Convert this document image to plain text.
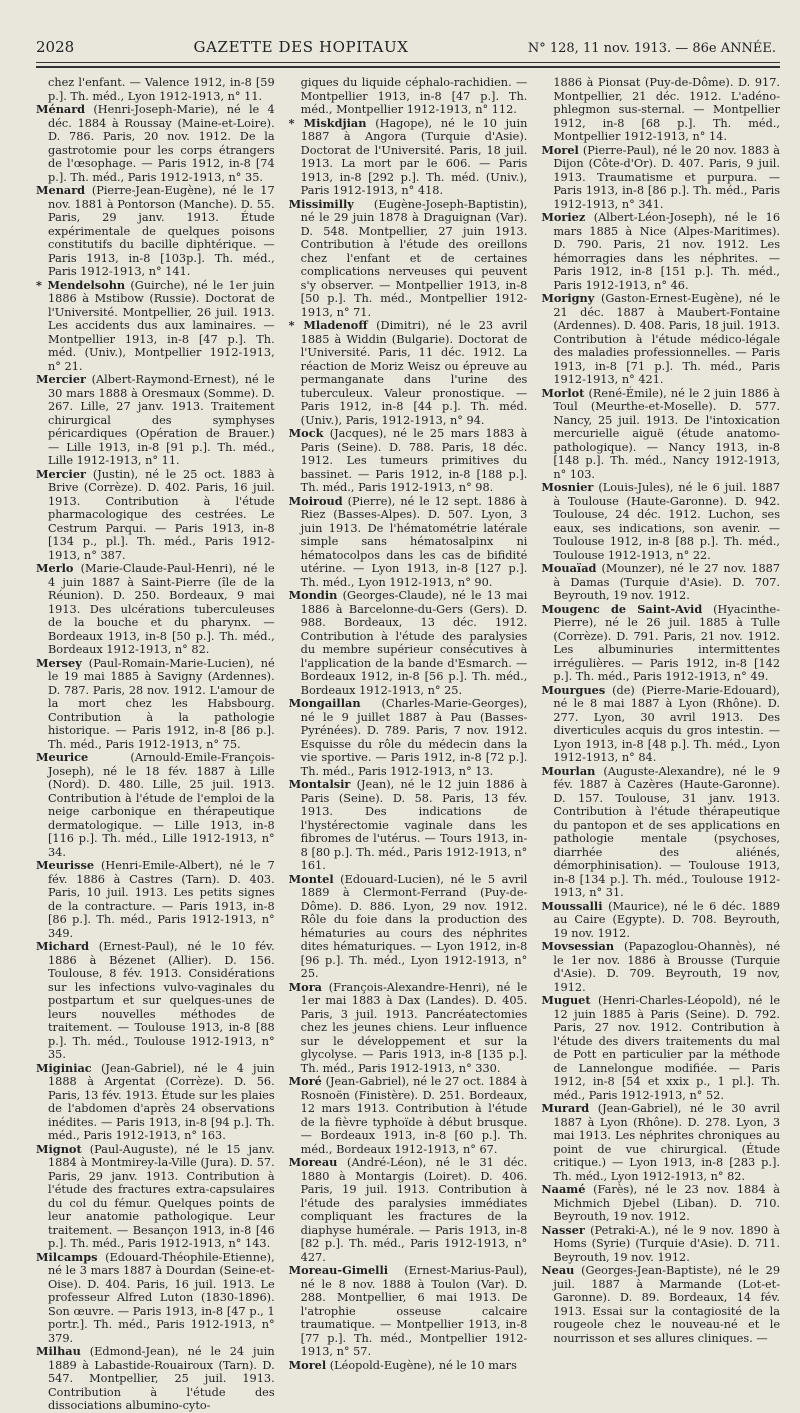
2028	GAZETTE DES HOPITAUX	N° 128, 11 nov. 1913. — 86e ANNÉE.

chez l'enfant. — Valence 1912, in-8 [59 p.]. Th. méd., Lyon 1912-1913, n° 11.

Ménard (Henri-Joseph-Marie), né le 4 déc. 1884 à Roussay (Maine-et-Loire). D. 786. Paris, 20 nov. 1912. De la gastrotomie pour les corps étrangers de l'œsophage. — Paris 1912, in-8 [74 p.]. Th. méd., Paris 1912-1913, n° 35.

Menard (Pierre-Jean-Eugène), né le 17 nov. 1881 à Pontorson (Manche). D. 55. Paris, 29 janv. 1913. Étude expérimentale de quelques poisons constitutifs du bacille diphtérique. — Paris 1913, in-8 [103p.]. Th. méd., Paris 1912-1913, n° 141.

* Mendelsohn (Guirche), né le 1er juin 1886 à Mstibow (Russie). Doctorat de l'Université. Montpellier, 26 juil. 1913. Les accidents dus aux laminaires. — Montpellier 1913, in-8 [47 p.]. Th. méd. (Univ.), Montpellier 1912-1913, n° 21.

Mercier (Albert-Raymond-Ernest), né le 30 mars 1888 à Oresmaux (Somme). D. 267. Lille, 27 janv. 1913. Traitement chirurgical des symphyses péricardiques (Opération de Brauer.) — Lille 1913, in-8 [91 p.]. Th. méd., Lille 1912-1913, n° 11.

Mercier (Justin), né le 25 oct. 1883 à Brive (Corrèze). D. 402. Paris, 16 juil. 1913. Contribution à l'étude pharmacologique des cestrées. Le Cestrum Parqui. — Paris 1913, in-8 [134 p., pl.]. Th. méd., Paris 1912-1913, n° 387.

Merlo (Marie-Claude-Paul-Henri), né le 4 juin 1887 à Saint-Pierre (île de la Réunion). D. 250. Bordeaux, 9 mai 1913. Des ulcérations tuberculeuses de la bouche et du pharynx. — Bordeaux 1913, in-8 [50 p.]. Th. méd., Bordeaux 1912-1913, n° 82.

Mersey (Paul-Romain-Marie-Lucien), né le 19 mai 1885 à Savigny (Ardennes). D. 787. Paris, 28 nov. 1912. L'amour de la mort chez les Habsbourg. Contribution à la pathologie historique. — Paris 1912, in-8 [86 p.]. Th. méd., Paris 1912-1913, n° 75.

Meurice	(Arnould-Emile-François-Joseph), né le 18 fév. 1887 à Lille (Nord). D. 480. Lille, 25 juil. 1913. Contribution à l'étude de l'emploi de la neige carbonique en thérapeutique dermatologique. — Lille 1913, in-8 [116 p.]. Th. méd., Lille 1912-1913, n° 34.

Meurisse (Henri-Emile-Albert), né le 7 fév. 1886 à Castres (Tarn). D. 403. Paris, 10 juil. 1913. Les petits signes de la contracture. — Paris 1913, in-8 [86 p.]. Th. méd., Paris 1912-1913, n° 349.

Michard (Ernest-Paul), né le 10 fév. 1886 à Bézenet (Allier). D. 156. Toulouse, 8 fév. 1913. Considérations sur les infections vulvo-vaginales du postpartum et sur quelques-unes de leurs nouvelles méthodes de traitement. — Toulouse 1913, in-8 [88 p.]. Th. méd., Toulouse 1912-1913, n° 35.

Miginiac (Jean-Gabriel), né le 4 juin 1888 à Argentat (Corrèze). D. 56. Paris, 13 fév. 1913. Étude sur les plaies de l'abdomen d'après 24 observations inédites. — Paris 1913, in-8 [94 p.]. Th. méd., Paris 1912-1913, n° 163.

Mignot (Paul-Auguste), né le 15 janv. 1884 à Montmirey-la-Ville (Jura). D. 57. Paris, 29 janv. 1913. Contribution à l'étude des fractures extra-capsulaires du col du fémur. Quelques points de leur anatomie pathologique. Leur traitement. — Besançon 1913, in-8 [46 p.]. Th. méd., Paris 1912-1913, n° 143.

Milcamps (Edouard-Théophile-Etienne), né le 3 mars 1887 à Dourdan (Seine-et-Oise). D. 404. Paris, 16 juil. 1913. Le professeur Alfred Luton (1830-1896). Son œuvre. — Paris 1913, in-8 [47 p., 1 portr.]. Th. méd., Paris 1912-1913, n° 379.

Milhau (Edmond-Jean), né le 24 juin 1889 à Labastide-Rouairoux (Tarn). D. 547. Montpellier, 25 juil. 1913. Contribution à l'étude des dissociations albumino-cyto-

giques du liquide céphalo-rachidien. — Montpellier 1913, in-8 [47 p.]. Th. méd., Montpellier 1912-1913, n° 112.

* Miskdjian (Hagope), né le 10 juin 1887 à Angora (Turquie d'Asie). Doctorat de l'Université. Paris, 18 juil. 1913. La mort par le 606. — Paris 1913, in-8 [292 p.]. Th. méd. (Univ.), Paris 1912-1913, n° 418.

Missimilly (Eugène-Joseph-Baptistin), né le 29 juin 1878 à Draguignan (Var). D. 548. Montpellier, 27 juin 1913. Contribution à l'étude des oreillons chez l'enfant et de certaines complications nerveuses qui peuvent s'y observer. — Montpellier 1913, in-8 [50 p.]. Th. méd., Montpellier 1912-1913, n° 71.

* Mladenoff (Dimitri), né le 23 avril 1885 à Widdin (Bulgarie). Doctorat de l'Université. Paris, 11 déc. 1912. La réaction de Moriz Weisz ou épreuve au permanganate dans l'urine des tuberculeux. Valeur pronostique. — Paris 1912, in-8 [44 p.]. Th. méd. (Univ.), Paris, 1912-1913, n° 94.

Mock (Jacques), né le 25 mars 1883 à Paris (Seine). D. 788. Paris, 18 déc. 1912. Les tumeurs primitives du bassinet. — Paris 1912, in-8 [188 p.]. Th. méd., Paris 1912-1913, n° 98.

Moiroud (Pierre), né le 12 sept. 1886 à Riez (Basses-Alpes). D. 507. Lyon, 3 juin 1913. De l'hématométrie latérale simple sans hématosalpinx ni hématocolpos dans les cas de bifidité utérine. — Lyon 1913, in-8 [127 p.]. Th. méd., Lyon 1912-1913, n° 90.

Mondin (Georges-Claude), né le 13 mai 1886 à Barcelonne-du-Gers (Gers). D. 988. Bordeaux, 13 déc. 1912. Contribution à l'étude des paralysies du membre supérieur consécutives à l'application de la bande d'Esmarch. — Bordeaux 1912, in-8 [56 p.]. Th. méd., Bordeaux 1912-1913, n° 25.

Mongaillan (Charles-Marie-Georges), né le 9 juillet 1887 à Pau (Basses-Pyrénées). D. 789. Paris, 7 nov. 1912. Esquisse du rôle du médecin dans la vie sportive. — Paris 1912, in-8 [72 p.]. Th. méd., Paris 1912-1913, n° 13.

Montalsir (Jean), né le 12 juin 1886 à Paris (Seine). D. 58. Paris, 13 fév. 1913. Des indications de l'hystérectomie vaginale dans les fibromes de l'utérus. — Tours 1913, in-8 [80 p.]. Th. méd., Paris 1912-1913, n° 161.

Montel (Edouard-Lucien), né le 5 avril 1889 à Clermont-Ferrand (Puy-de-Dôme). D. 886. Lyon, 29 nov. 1912. Rôle du foie dans la production des hématuries au cours des néphrites dites hématuriques. — Lyon 1912, in-8 [96 p.]. Th. méd., Lyon 1912-1913, n° 25.

Mora (François-Alexandre-Henri), né le 1er mai 1883 à Dax (Landes). D. 405. Paris, 3 juil. 1913. Pancréatectomies chez les jeunes chiens. Leur influence sur le développement et sur la glycolyse. — Paris 1913, in-8 [135 p.]. Th. méd., Paris 1912-1913, n° 330.

Moré (Jean-Gabriel), né le 27 oct. 1884 à Rosnoën (Finistère). D. 251. Bordeaux, 12 mars 1913. Contribution à l'étude de la fièvre typhoïde à début brusque. — Bordeaux 1913, in-8 [60 p.]. Th. méd., Bordeaux 1912-1913, n° 67.

Moreau (André-Léon), né le 31 déc. 1880 à Montargis (Loiret). D. 406. Paris, 19 juil. 1913. Contribution à l'étude des paralysies immédiates compliquant les fractures de la diaphyse humérale. — Paris 1913, in-8 [82 p.]. Th. méd., Paris 1912-1913, n° 427.

Moreau-Gimelli (Ernest-Marius-Paul), né le 8 nov. 1888 à Toulon (Var). D. 288. Montpellier, 6 mai 1913. De l'atrophie osseuse calcaire traumatique. — Montpellier 1913, in-8 [77 p.]. Th. méd., Montpellier 1912-1913, n° 57.

Morel (Léopold-Eugène), né le 10 mars

1886 à Pionsat (Puy-de-Dôme). D. 917. Montpellier, 21 déc. 1912. L'adéno-phlegmon sus-sternal. — Montpellier 1912, in-8 [68 p.]. Th. méd., Montpellier 1912-1913, n° 14.

Morel (Pierre-Paul), né le 20 nov. 1883 à Dijon (Côte-d'Or). D. 407. Paris, 9 juil. 1913. Traumatisme et purpura. — Paris 1913, in-8 [86 p.]. Th. méd., Paris 1912-1913, n° 341.

Moriez (Albert-Léon-Joseph), né le 16 mars 1885 à Nice (Alpes-Maritimes). D. 790. Paris, 21 nov. 1912. Les hémorragies dans les néphrites. — Paris 1912, in-8 [151 p.]. Th. méd., Paris 1912-1913, n° 46.

Morigny (Gaston-Ernest-Eugène), né le 21 déc. 1887 à Maubert-Fontaine (Ardennes). D. 408. Paris, 18 juil. 1913. Contribution à l'étude médico-légale des maladies professionnelles. — Paris 1913, in-8 [71 p.]. Th. méd., Paris 1912-1913, n° 421.

Morlot (René-Émile), né le 2 juin 1886 à Toul (Meurthe-et-Moselle). D. 577. Nancy, 25 juil. 1913. De l'intoxication mercurielle aiguë (étude anatomo-pathologique). — Nancy 1913, in-8 [148 p.]. Th. méd., Nancy 1912-1913, n° 103.

Mosnier (Louis-Jules), né le 6 juil. 1887 à Toulouse (Haute-Garonne). D. 942. Toulouse, 24 déc. 1912. Luchon, ses eaux, ses indications, son avenir. — Toulouse 1912, in-8 [88 p.]. Th. méd., Toulouse 1912-1913, n° 22.

Mouaïad (Mounzer), né le 27 nov. 1887 à Damas (Turquie d'Asie). D. 707. Beyrouth, 19 nov. 1912.

Mougenc de Saint-Avid (Hyacinthe-Pierre), né le 26 juil. 1885 à Tulle (Corrèze). D. 791. Paris, 21 nov. 1912. Les albuminuries intermittentes irrégulières. — Paris 1912, in-8 [142 p.]. Th. méd., Paris 1912-1913, n° 49.

Mourgues (de) (Pierre-Marie-Edouard), né le 8 mai 1887 à Lyon (Rhône). D. 277. Lyon, 30 avril 1913. Des diverticules acquis du gros intestin. — Lyon 1913, in-8 [48 p.]. Th. méd., Lyon 1912-1913, n° 84.

Mourlan (Auguste-Alexandre), né le 9 fév. 1887 à Cazères (Haute-Garonne). D. 157. Toulouse, 31 janv. 1913. Contribution à l'étude thérapeutique du pantopon et de ses applications en pathologie mentale (psychoses, diarrhée des aliénés, démorphinisation). — Toulouse 1913, in-8 [134 p.]. Th. méd., Toulouse 1912-1913, n° 31.

Moussalli (Maurice), né le 6 déc. 1889 au Caire (Egypte). D. 708. Beyrouth, 19 nov. 1912.

Movsessian (Papazoglou-Ohannès), né le 1er nov. 1886 à Brousse (Turquie d'Asie). D. 709. Beyrouth, 19 nov, 1912.

Muguet (Henri-Charles-Léopold), né le 12 juin 1885 à Paris (Seine). D. 792. Paris, 27 nov. 1912. Contribution à l'étude des divers traitements du mal de Pott en particulier par la méthode de Lannelongue modifiée. — Paris 1912, in-8 [54 et xxix p., 1 pl.]. Th. méd., Paris 1912-1913, n° 52.

Murard (Jean-Gabriel), né le 30 avril 1887 à Lyon (Rhône). D. 278. Lyon, 3 mai 1913. Les néphrites chroniques au point de vue chirurgical. (Étude critique.) — Lyon 1913, in-8 [283 p.]. Th. méd., Lyon 1912-1913, n° 82.

Naamé (Farès), né le 23 nov. 1884 à Michmich Djebel (Liban). D. 710. Beyrouth, 19 nov. 1912.

Nasser (Petraki-A.), né le 9 nov. 1890 à Homs (Syrie) (Turquie d'Asie). D. 711. Beyrouth, 19 nov. 1912.

Neau (Georges-Jean-Baptiste), né le 29 juil. 1887 à Marmande (Lot-et-Garonne). D. 89. Bordeaux, 14 fév. 1913. Essai sur la contagiosité de la rougeole chez le nouveau-né et le nourrisson et ses allures cliniques. —
